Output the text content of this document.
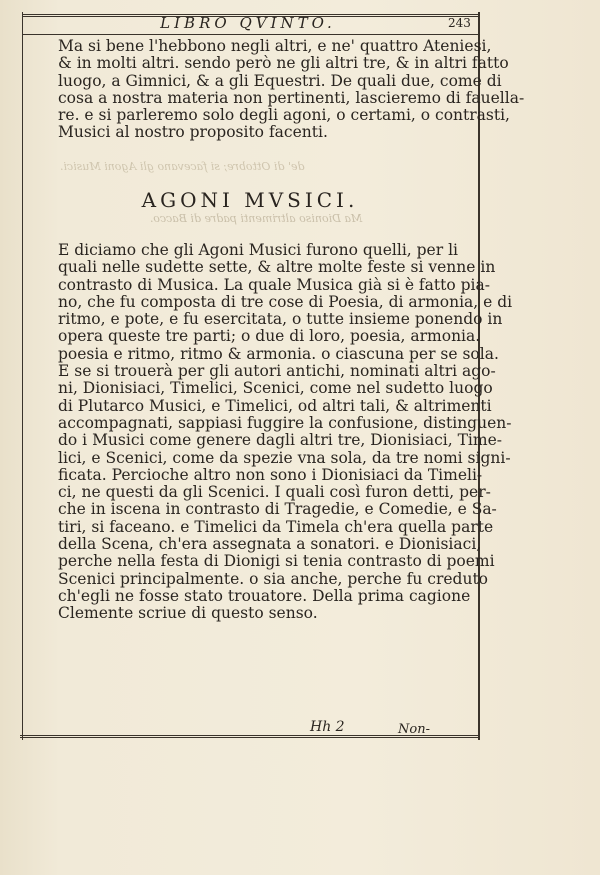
LIBRO QVINTO.	243
Ma si bene l'hebbono negli altri, e ne' quattro Ateniesi,
& in molti altri. sendo però ne gli altri tre, & in altri fatto
luogo, a Gimnici, & a gli Equestri. De quali due, come di
cosa a nostra materia non pertinenti, lascieremo di fauella-
re. e si parleremo solo degli agoni, o certami, o contrasti,
Musici al nostro proposito facenti.
de' di Ottobre; si facevano gli Agoni Musici.
AGONI MVSICI.
Ma Dioniso altrimenti padre di Bacco.
E diciamo che gli Agoni Musici furono quelli, per li
quali nelle sudette sette, & altre molte feste si venne in
contrasto di Musica. La quale Musica già si è fatto pia-
no, che fu composta di tre cose di Poesia, di armonia, e di
ritmo, e pote, e fu esercitata, o tutte insieme ponendo in
opera queste tre parti; o due di loro, poesia, armonia.
poesia e ritmo, ritmo & armonia. o ciascuna per se sola.
E se si trouerà per gli autori antichi, nominati altri ago-
ni, Dionisiaci, Timelici, Scenici, come nel sudetto luogo
di Plutarco Musici, e Timelici, od altri tali, & altrimenti
accompagnati, sappiasi fuggire la confusione, distinguen-
do i Musici come genere dagli altri tre, Dionisiaci, Time-
lici, e Scenici, come da spezie vna sola, da tre nomi signi-
ficata. Percioche altro non sono i Dionisiaci da Timeli-
ci, ne questi da gli Scenici. I quali così furon detti, per-
che in iscena in contrasto di Tragedie, e Comedie, e Sa-
tiri, si faceano. e Timelici da Timela ch'era quella parte
della Scena, ch'era assegnata a sonatori. e Dionisiaci,
perche nella festa di Dionigi si tenia contrasto di poemi
Scenici principalmente. o sia anche, perche fu creduto
ch'egli ne fosse stato trouatore. Della prima cagione
Clemente scriue di questo senso.
Hh 2	Non-
